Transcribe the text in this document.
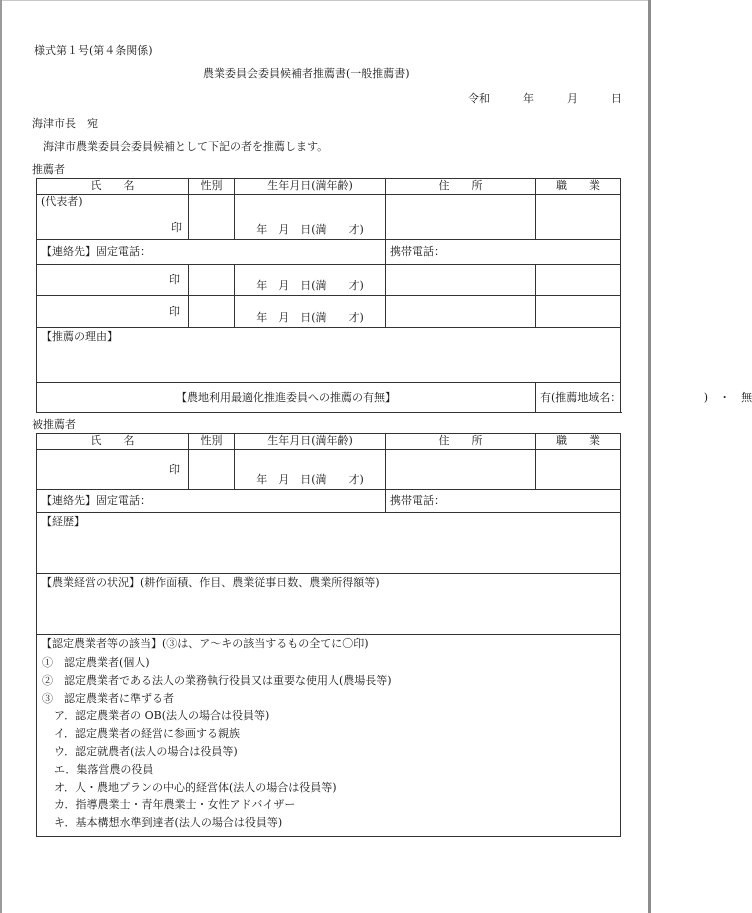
様式第１号(第４条関係)
農業委員会委員候補者推薦書(一般推薦書)
令和　　　年　　　月　　　日
海津市長　宛
海津市農業委員会委員候補として下記の者を推薦します。
推薦者
氏　　名	性別	生年月日(満年齢)	住　　所	職　　業

(代表者)
印		年　月　日(満　　才)		
【連絡先】固定電話：			携帯電話：	
印		年　月　日(満　　才)		
印		年　月　日(満　　才)		
【推薦の理由】				
【農地利用最適化推進委員への推薦の有無】				有(推薦地域名：　　　　　　　　)　・　無
被推薦者
氏　　名	性別	生年月日(満年齢)	住　　所	職　　業
印		年　月　日(満　　才)		
【連絡先】固定電話：			携帯電話：	
【経歴】				
【農業経営の状況】(耕作面積、作目、農業従事日数、農業所得額等)				
【認定農業者等の該当】(③は、ア～キの該当するもの全てに〇印)				
①　認定農業者(個人)
②　認定農業者である法人の業務執行役員又は重要な使用人(農場長等)
③　認定農業者に準ずる者
ア．認定農業者の OB(法人の場合は役員等)
イ．認定農業者の経営に参画する親族
ウ．認定就農者(法人の場合は役員等)
エ．集落営農の役員
オ．人・農地プランの中心的経営体(法人の場合は役員等)
カ．指導農業士・青年農業士・女性アドバイザー
キ．基本構想水準到達者(法人の場合は役員等)
